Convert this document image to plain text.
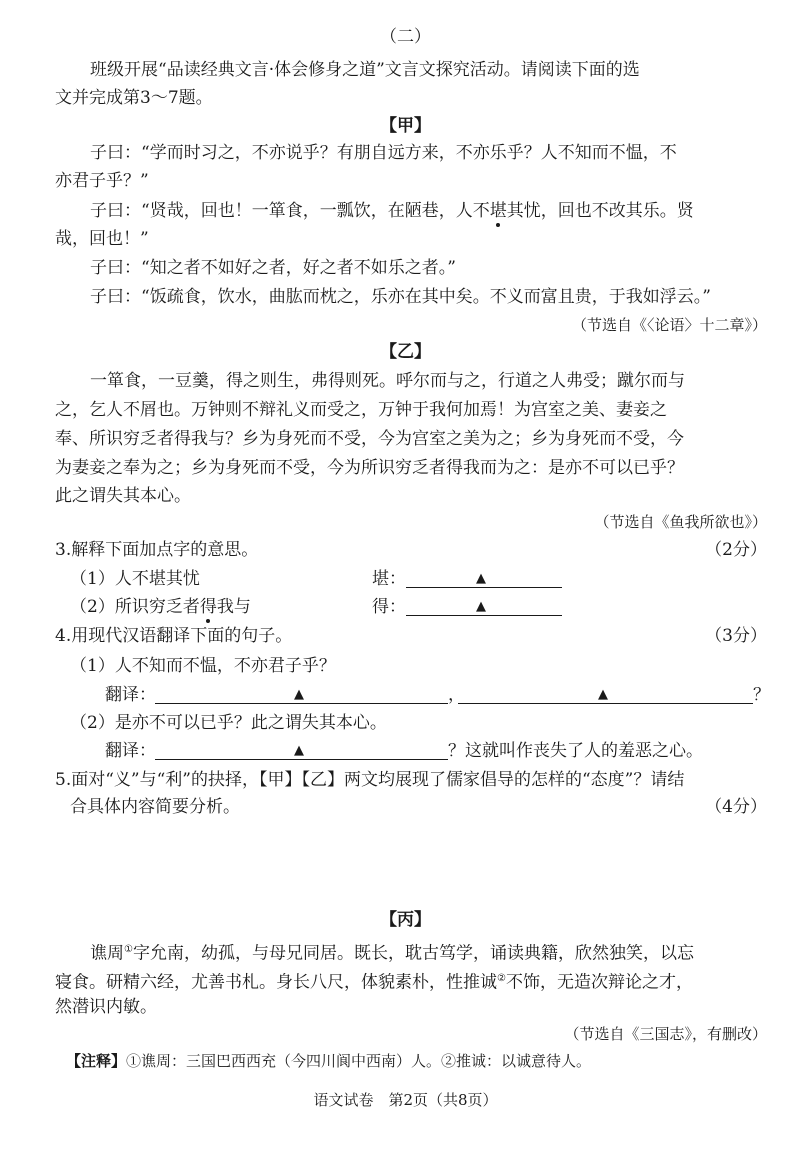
（二）
班级开展“品读经典文言·体会修身之道”文言文探究活动。请阅读下面的选
文并完成第3～7题。
【甲】
子曰：“学而时习之，不亦说乎？有朋自远方来，不亦乐乎？人不知而不愠，不
亦君子乎？”
子曰：“贤哉，回也！一箪食，一瓢饮，在陋巷，人不堪其忧，回也不改其乐。贤
哉，回也！”
子曰：“知之者不如好之者，好之者不如乐之者。”
子曰：“饭疏食，饮水，曲肱而枕之，乐亦在其中矣。不义而富且贵，于我如浮云。”
（节选自《〈论语〉十二章》）
【乙】
一箪食，一豆羹，得之则生，弗得则死。呼尔而与之，行道之人弗受；蹴尔而与
之，乞人不屑也。万钟则不辩礼义而受之，万钟于我何加焉！为宫室之美、妻妾之
奉、所识穷乏者得我与？乡为身死而不受，今为宫室之美为之；乡为身死而不受，今
为妻妾之奉为之；乡为身死而不受，今为所识穷乏者得我而为之：是亦不可以已乎？
此之谓失其本心。
（节选自《鱼我所欲也》）
3.解释下面加点字的意思。	（2分）
（1）人不堪其忧	堪：	▲
（2）所识穷乏者得我与	得：	▲
4.用现代汉语翻译下面的句子。	（3分）
（1）人不知而不愠，不亦君子乎？
翻译：	▲	，	▲	？
（2）是亦不可以已乎？此之谓失其本心。
翻译：	▲	？这就叫作丧失了人的羞恶之心。
5.面对“义”与“利”的抉择，【甲】【乙】两文均展现了儒家倡导的怎样的“态度”？请结
合具体内容简要分析。	（4分）
【丙】
谯周①字允南，幼孤，与母兄同居。既长，耽古笃学，诵读典籍，欣然独笑，以忘
寝食。研精六经，尤善书札。身长八尺，体貌素朴，性推诚②不饰，无造次辩论之才，
然潜识内敏。
（节选自《三国志》，有删改）
【注释】①谯周：三国巴西西充（今四川阆中西南）人。②推诚：以诚意待人。
语文试卷　第2页（共8页）
